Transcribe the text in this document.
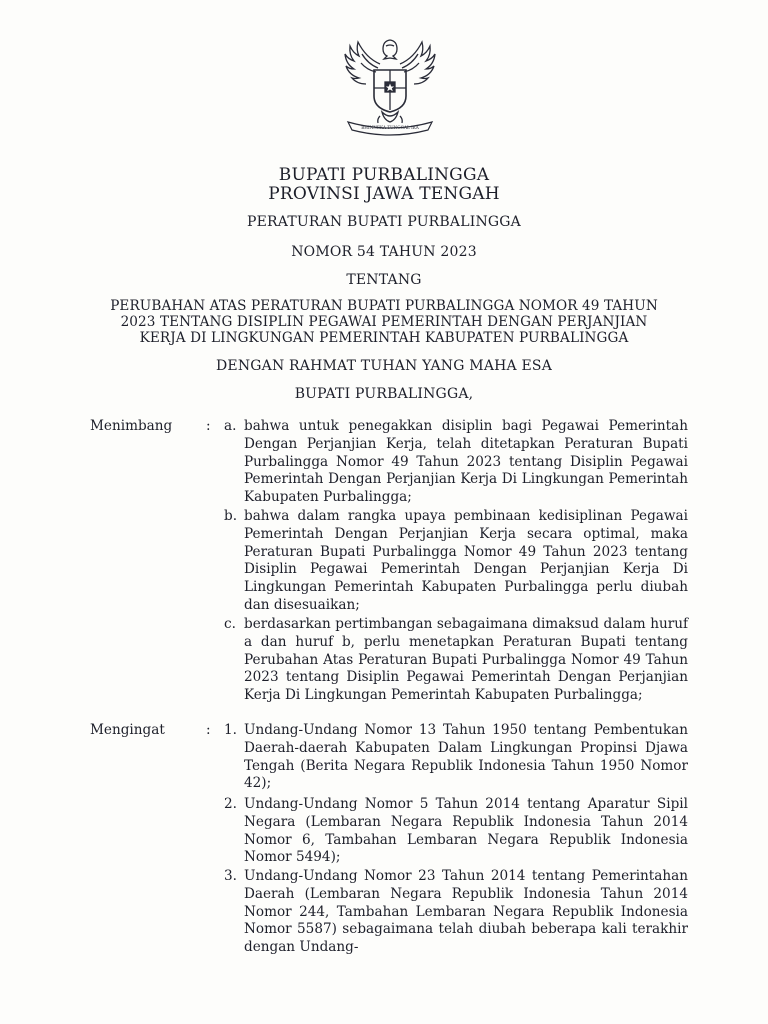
BHINNEKA TUNGGAL IKA
BUPATI PURBALINGGA
PROVINSI JAWA TENGAH
PERATURAN BUPATI PURBALINGGA
NOMOR 54 TAHUN 2023
TENTANG
PERUBAHAN ATAS PERATURAN BUPATI PURBALINGGA NOMOR 49 TAHUN
2023 TENTANG DISIPLIN PEGAWAI PEMERINTAH DENGAN PERJANJIAN
KERJA DI LINGKUNGAN PEMERINTAH KABUPATEN PURBALINGGA
DENGAN RAHMAT TUHAN YANG MAHA ESA
BUPATI PURBALINGGA,
Menimbang : a. bahwa untuk penegakkan disiplin bagi Pegawai Pemerintah Dengan Perjanjian Kerja, telah ditetapkan Peraturan Bupati Purbalingga Nomor 49 Tahun 2023 tentang Disiplin Pegawai Pemerintah Dengan Perjanjian Kerja Di Lingkungan Pemerintah Kabupaten Purbalingga;
b. bahwa dalam rangka upaya pembinaan kedisiplinan Pegawai Pemerintah Dengan Perjanjian Kerja secara optimal, maka Peraturan Bupati Purbalingga Nomor 49 Tahun 2023 tentang Disiplin Pegawai Pemerintah Dengan Perjanjian Kerja Di Lingkungan Pemerintah Kabupaten Purbalingga perlu diubah dan disesuaikan;
c. berdasarkan pertimbangan sebagaimana dimaksud dalam huruf a dan huruf b, perlu menetapkan Peraturan Bupati tentang Perubahan Atas Peraturan Bupati Purbalingga Nomor 49 Tahun 2023 tentang Disiplin Pegawai Pemerintah Dengan Perjanjian Kerja Di Lingkungan Pemerintah Kabupaten Purbalingga;
Mengingat	: 1. Undang-Undang Nomor 13 Tahun 1950 tentang Pembentukan Daerah-daerah Kabupaten Dalam Lingkungan Propinsi Djawa Tengah (Berita Negara Republik Indonesia Tahun 1950 Nomor 42);
2. Undang-Undang Nomor 5 Tahun 2014 tentang Aparatur Sipil Negara (Lembaran Negara Republik Indonesia Tahun 2014 Nomor 6, Tambahan Lembaran Negara Republik Indonesia Nomor 5494);
3. Undang-Undang Nomor 23 Tahun 2014 tentang Pemerintahan Daerah (Lembaran Negara Republik Indonesia Tahun 2014 Nomor 244, Tambahan Lembaran Negara Republik Indonesia Nomor 5587) sebagaimana telah diubah beberapa kali terakhir dengan Undang-
